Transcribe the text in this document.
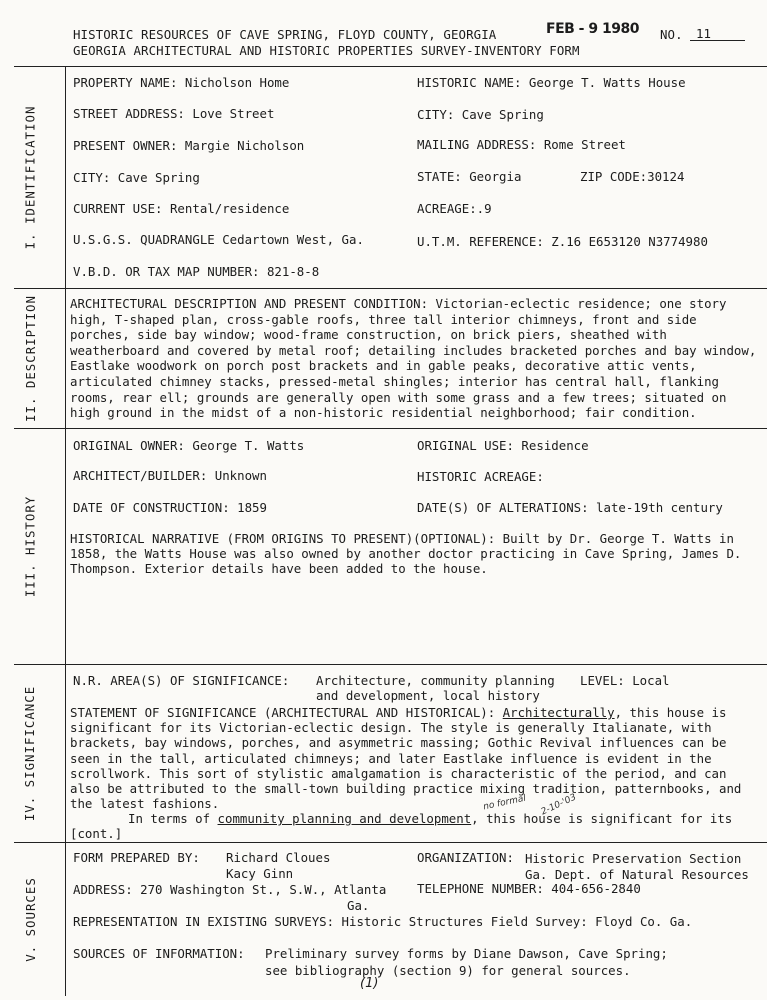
HISTORIC RESOURCES OF CAVE SPRING, FLOYD COUNTY, GEORGIA
GEORGIA ARCHITECTURAL AND HISTORIC PROPERTIES SURVEY-INVENTORY FORM
FEB - 9 1980 NO.	11
I. IDENTIFICATION
II. DESCRIPTION
III. HISTORY
IV. SIGNIFICANCE
V. SOURCES
PROPERTY NAME: Nicholson Home	HISTORIC NAME: George T. Watts House
STREET ADDRESS: Love Street	CITY: Cave Spring
PRESENT OWNER: Margie Nicholson	MAILING ADDRESS: Rome Street
CITY: Cave Spring	STATE: Georgia	ZIP CODE:30124
CURRENT USE: Rental/residence	ACREAGE:.9
U.S.G.S. QUADRANGLE Cedartown West, Ga.	U.T.M. REFERENCE: Z.16 E653120 N3774980
V.B.D. OR TAX MAP NUMBER: 821-8-8
ARCHITECTURAL DESCRIPTION AND PRESENT CONDITION: Victorian-eclectic residence; one story high, T-shaped plan, cross-gable roofs, three tall interior chimneys, front and side porches, side bay window; wood-frame construction, on brick piers, sheathed with weatherboard and covered by metal roof; detailing includes bracketed porches and bay window, Eastlake woodwork on porch post brackets and in gable peaks, decorative attic vents, articulated chimney stacks, pressed-metal shingles; interior has central hall, flanking rooms, rear ell; grounds are generally open with some grass and a few trees; situated on high ground in the midst of a non-historic residential neighborhood; fair condition.
ORIGINAL OWNER: George T. Watts	ORIGINAL USE: Residence
ARCHITECT/BUILDER: Unknown	HISTORIC ACREAGE:
DATE OF CONSTRUCTION: 1859	DATE(S) OF ALTERATIONS: late-19th century
HISTORICAL NARRATIVE (FROM ORIGINS TO PRESENT)(OPTIONAL): Built by Dr. George T. Watts in 1858, the Watts House was also owned by another doctor practicing in Cave Spring, James D. Thompson. Exterior details have been added to the house.
N.R. AREA(S) OF SIGNIFICANCE: Architecture, community planning
and development, local history
LEVEL: Local
STATEMENT OF SIGNIFICANCE (ARCHITECTURAL AND HISTORICAL): Architecturally, this house is significant for its Victorian-eclectic design. The style is generally Italianate, with brackets, bay windows, porches, and asymmetric massing; Gothic Revival influences can be seen in the tall, articulated chimneys; and later Eastlake influence is evident in the scrollwork. This sort of stylistic amalgamation is characteristic of the period, and can also be attributed to the small-town building practice mixing tradition, patternbooks, and the latest fashions.
In terms of community planning and development, this house is significant for its
[cont.]
no formal 2-10-'03
FORM PREPARED BY: Richard Cloues
Kacy Ginn
ORGANIZATION: Historic Preservation Section
Ga. Dept. of Natural Resources
ADDRESS: 270 Washington St., S.W., Atlanta
Ga.
TELEPHONE NUMBER: 404-656-2840
REPRESENTATION IN EXISTING SURVEYS: Historic Structures Field Survey: Floyd Co. Ga.
SOURCES OF INFORMATION: Preliminary survey forms by Diane Dawson, Cave Spring;
see bibliography (section 9) for general sources.
(1)
